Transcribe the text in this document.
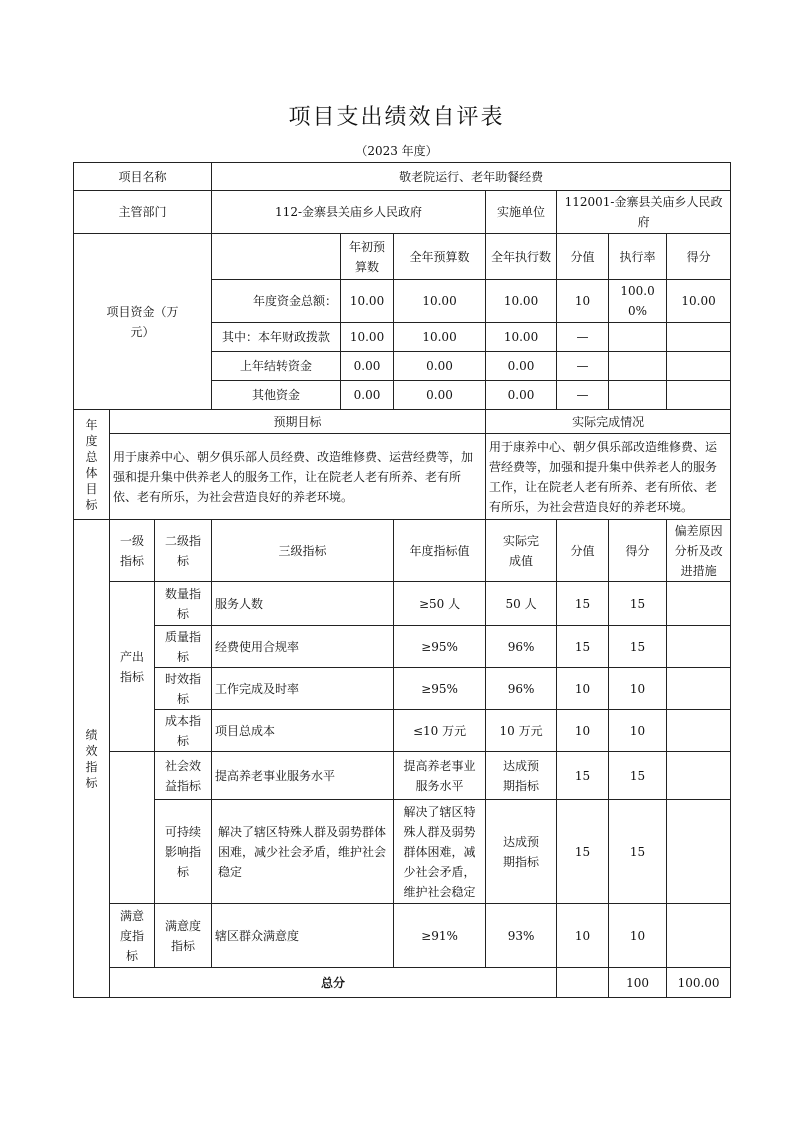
项目支出绩效自评表
（2023 年度）
项目名称			敬老院运行、老年助餐经费							
主管部门			112-金寨县关庙乡人民政府			实施单位	112001-金寨县关庙乡人民政府			
项目资金（万元）				年初预算数	全年预算数	全年执行数	分值	执行率	得分	
			年度资金总额：	10.00	10.00	10.00	10	100.00%	10.00	
			其中：本年财政拨款	10.00	10.00	10.00	—			
			上年结转资金	0.00	0.00	0.00	—			
			其他资金	0.00	0.00	0.00	—			
年度总体目标	预期目标					实际完成情况				
	用于康养中心、朝夕俱乐部人员经费、改造维修费、运营经费等，加强和提升集中供养老人的服务工作，让在院老人老有所养、老有所依、老有所乐，为社会营造良好的养老环境。					用于康养中心、朝夕俱乐部改造维修费、运营经费等，加强和提升集中供养老人的服务工作，让在院老人老有所养、老有所依、老有所乐，为社会营造良好的养老环境。				
绩效指标	一级指标	二级指标	三级指标		年度指标值	实际完成值	分值	得分	偏差原因分析及改进措施	
	产出指标	数量指标	服务人数		≥50 人	50 人	15	15		
		质量指标	经费使用合规率		≥95%	96%	15	15		
		时效指标	工作完成及时率		≥95%	96%	10	10		
		成本指标	项目总成本		≤10 万元	10 万元	10	10		
		社会效益指标	提高养老事业服务水平		提高养老事业服务水平	达成预期指标	15	15		
		可持续影响指标	解决了辖区特殊人群及弱势群体困难，减少社会矛盾，维护社会稳定		解决了辖区特殊人群及弱势群体困难，减少社会矛盾，维护社会稳定	达成预期指标	15	15		
	满意度指标	满意度指标	辖区群众满意度		≥91%	93%	10	10		
	总分							100	100.00	
